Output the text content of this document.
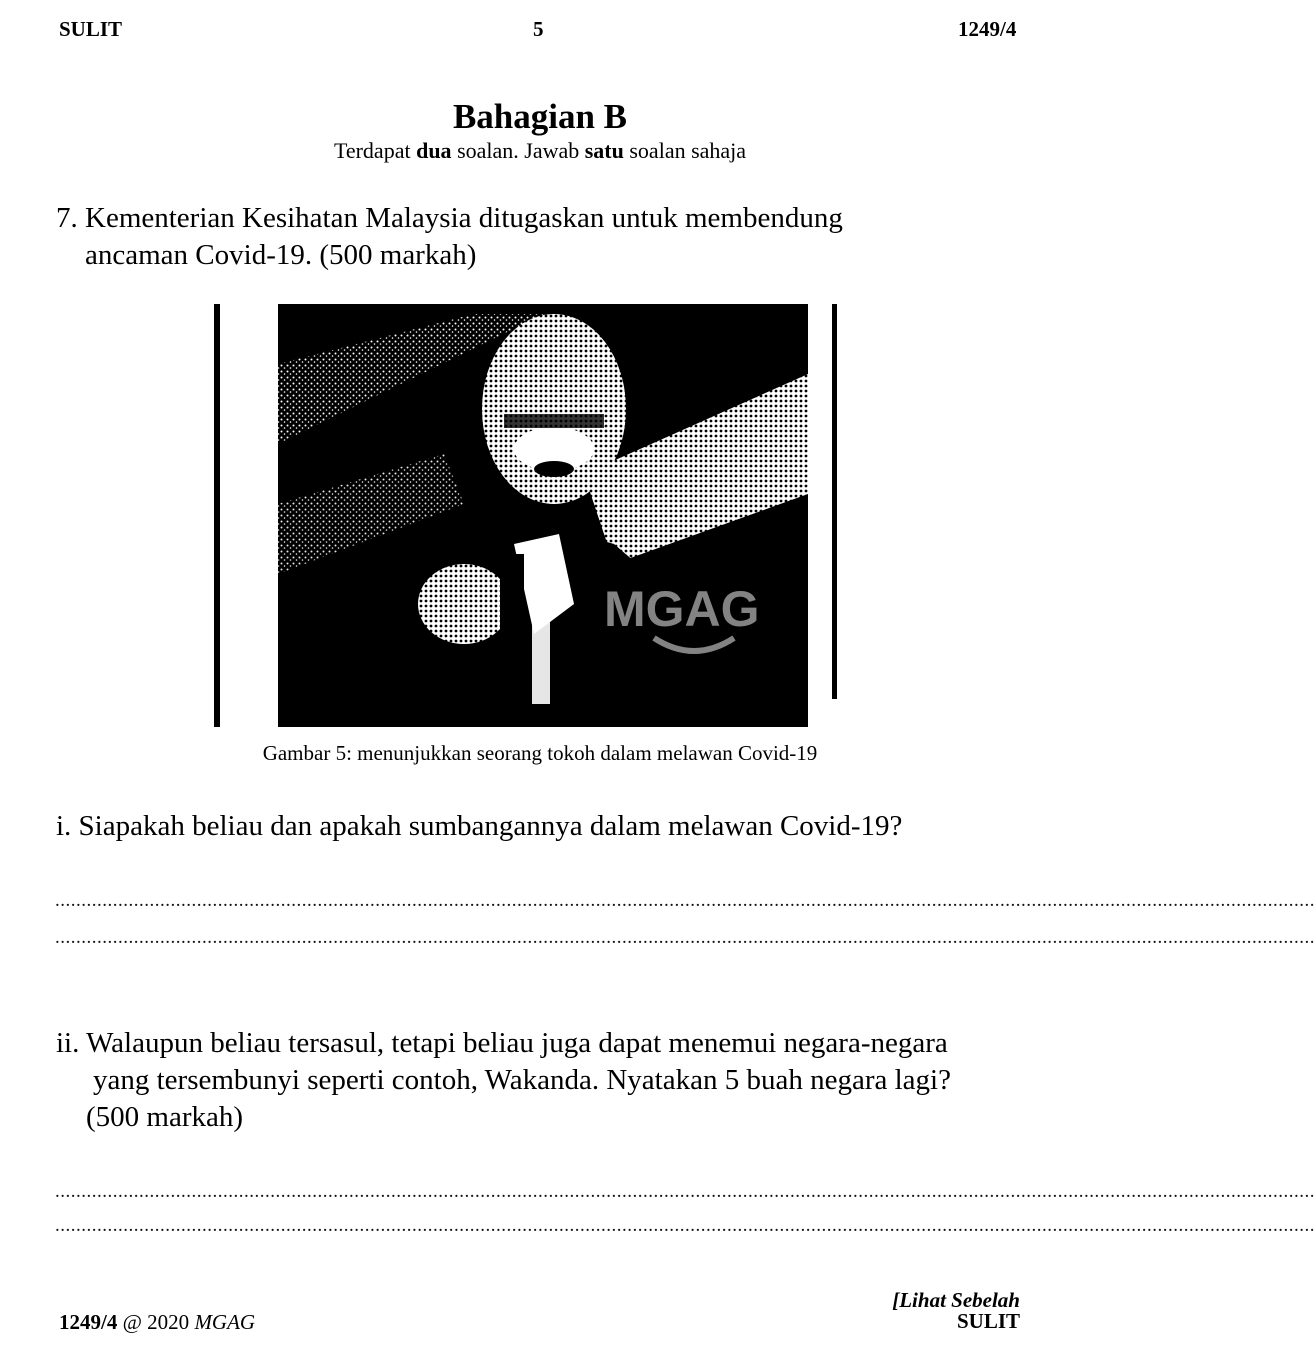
SULIT	5	1249/4
Bahagian B
Terdapat dua soalan. Jawab satu soalan sahaja
7. Kementerian Kesihatan Malaysia ditugaskan untuk membendung
ancaman Covid-19. (500 markah)
MGAG
Gambar 5: menunjukkan seorang tokoh dalam melawan Covid-19
i. Siapakah beliau dan apakah sumbangannya dalam melawan Covid-19?
................................................................................................................................................................................................................................................
................................................................................................................................................................................................................................................
ii. Walaupun beliau tersasul, tetapi beliau juga dapat menemui negara-negara
yang tersembunyi seperti contoh, Wakanda. Nyatakan 5 buah negara lagi?
(500 markah)
................................................................................................................................................................................................................................................
................................................................................................................................................................................................................................................
1249/4 @ 2020 MGAG
[Lihat Sebelah
SULIT
